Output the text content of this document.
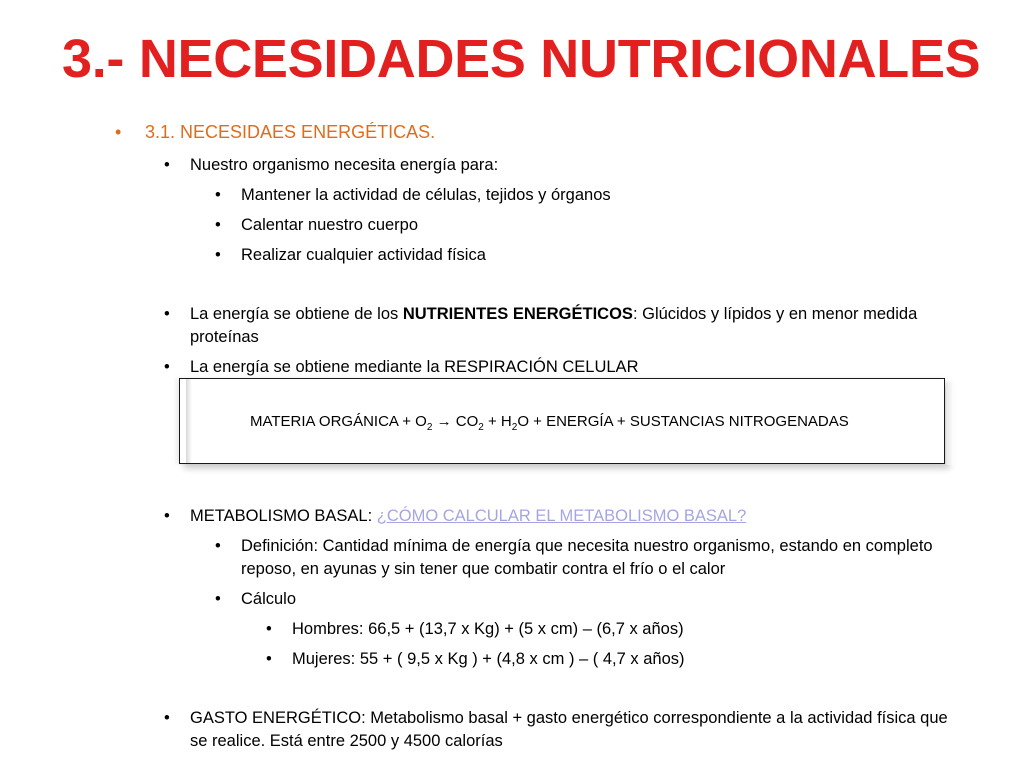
3.- NECESIDADES NUTRICIONALES
• 3.1. NECESIDAES ENERGÉTICAS.
• Nuestro organismo necesita energía para:
• Mantener la actividad de células, tejidos y órganos
• Calentar nuestro cuerpo
• Realizar cualquier actividad física
• La energía se obtiene de los NUTRIENTES ENERGÉTICOS: Glúcidos y lípidos y en menor medida proteínas
• La energía se obtiene mediante la RESPIRACIÓN CELULAR
MATERIA ORGÁNICA + $O_2 \to CO_2 + H_2O$ + ENERGÍA + SUSTANCIAS NITROGENADAS
• METABOLISMO BASAL: ¿CÓMO CALCULAR EL METABOLISMO BASAL?
• Definición: Cantidad mínima de energía que necesita nuestro organismo, estando en completo reposo, en ayunas y sin tener que combatir contra el frío o el calor
• Cálculo
• Hombres: 66,5 + (13,7 x Kg) + (5 x cm) – (6,7 x años)
• Mujeres: 55 + ( 9,5 x Kg ) + (4,8 x cm ) – ( 4,7 x años)
• GASTO ENERGÉTICO: Metabolismo basal + gasto energético correspondiente a la actividad física que se realice. Está entre 2500 y 4500 calorías
